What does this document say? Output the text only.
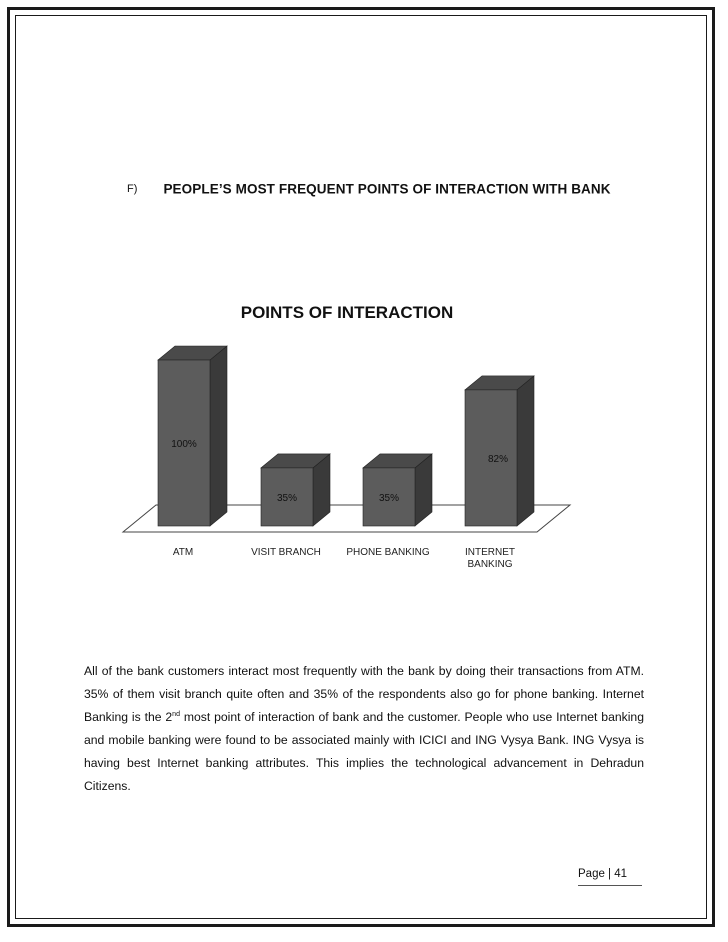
F) PEOPLE’S MOST FREQUENT POINTS OF INTERACTION WITH BANK
POINTS OF INTERACTION
100%
35%	35%
82%
ATM	VISIT BRANCH	PHONE BANKING	INTERNET
BANKING
All of the bank customers interact most frequently with the bank by doing their transactions from ATM. 35% of them visit branch quite often and 35% of the respondents also go for phone banking. Internet Banking is the 2nd most point of interaction of bank and the customer. People who use Internet banking and mobile banking were found to be associated mainly with ICICI and ING Vysya Bank. ING Vysya is having best Internet banking attributes. This implies the technological advancement in Dehradun Citizens.
Page | 41
